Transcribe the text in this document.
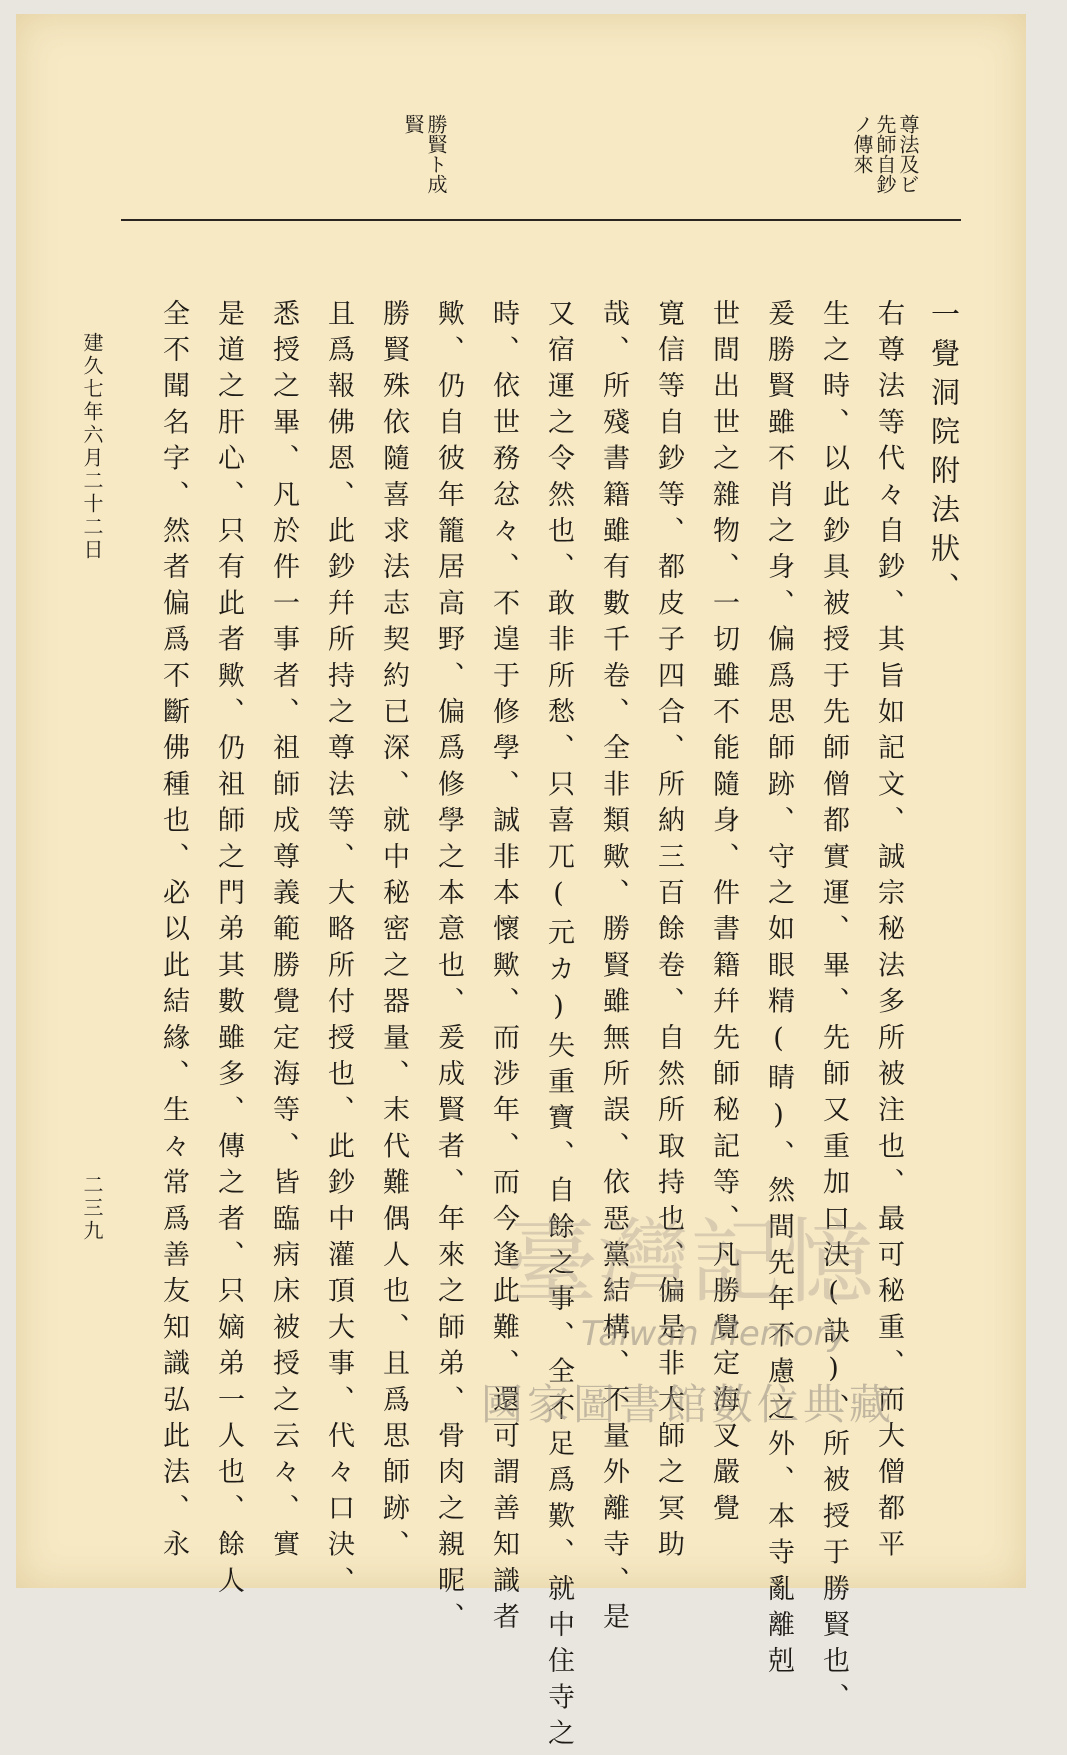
尊法及ビ
先師自鈔
ノ傳來
勝賢ト成
賢
一覺洞院附法狀、
右尊法等代々自鈔、其旨如記文、誠宗秘法多所被注也、最可秘重、而大僧都平
生之時、以此鈔具被授于先師僧都實運、畢、先師又重加口決(訣)、所被授于勝賢也、
爰勝賢雖不肖之身、偏爲思師跡、守之如眼精(睛)、然間先年不慮之外、本寺亂離剋
世間出世之雜物、一切雖不能隨身、件書籍幷先師秘記等、凡勝覺定海叉嚴覺
寛信等自鈔等、都皮子四合、所納三百餘卷、自然所取持也、偏是非大師之冥助
哉、所殘書籍雖有數千卷、全非類歟、勝賢雖無所誤、依惡黨結構、不量外離寺、是
又宿運之令然也、敢非所愁、只喜兀(元カ)失重寶、自餘之事、全不足爲歎、就中住寺之
時、依世務忿々、不遑于修學、誠非本懷歟、而涉年、而今逢此難、還可謂善知識者
歟、仍自彼年籠居高野、偏爲修學之本意也、爰成賢者、年來之師弟、骨肉之親昵、
勝賢殊依隨喜求法志契約已深、就中秘密之器量、末代難偶人也、且爲思師跡、
且爲報佛恩、此鈔幷所持之尊法等、大略所付授也、此鈔中灌頂大事、代々口決、
悉授之畢、凡於件一事者、祖師成尊義範勝覺定海等、皆臨病床被授之云々、實
是道之肝心、只有此者歟、仍祖師之門弟其數雖多、傳之者、只嫡弟一人也、餘人
全不聞名字、然者偏爲不斷佛種也、必以此結緣、生々常爲善友知識弘此法、永
建久七年六月二十二日
二三九
臺灣記憶
Taiwan Memory
國家圖書館數位典藏
